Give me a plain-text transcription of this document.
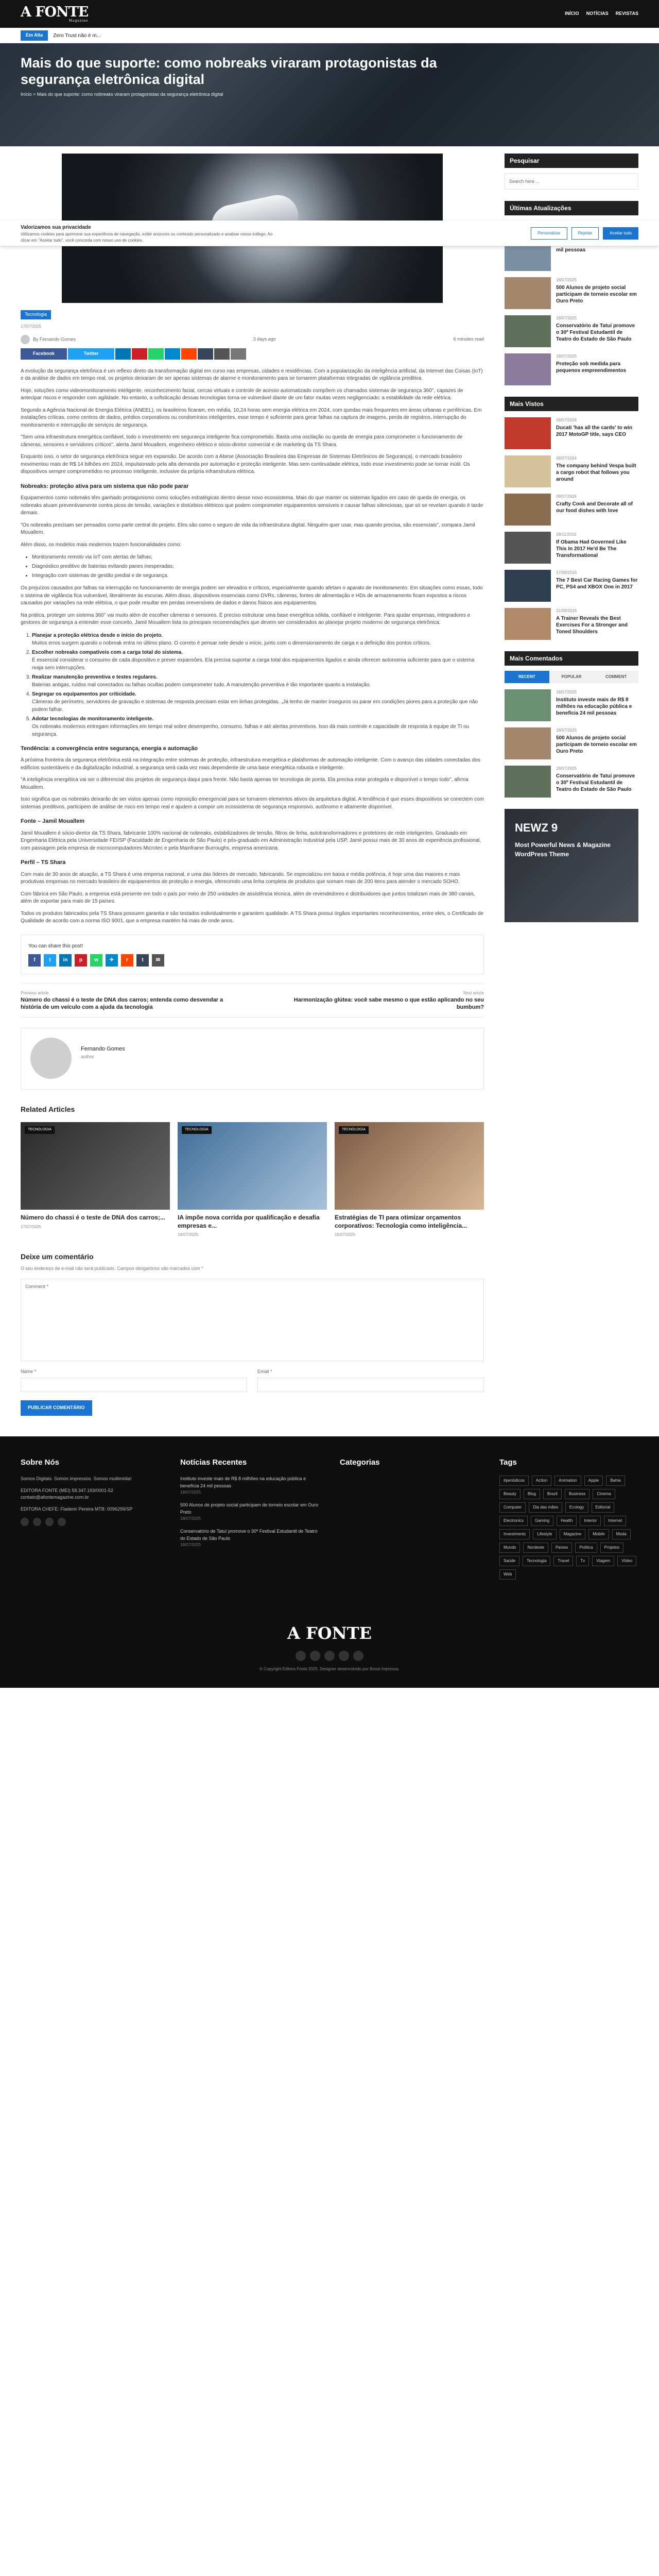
A FONTE
Magazine
INÍCIO NOTÍCIAS REVISTAS
Em Alta	Zero Trust não é m...
Mais do que suporte: como nobreaks viraram protagonistas da segurança eletrônica digital
Início > Mais do que suporte: como nobreaks viraram protagonistas da segurança eletrônica digital
Valorizamos sua privacidade
Utilizamos cookies para aprimorar sua experiência de navegação, exibir anúncios ou conteúdo personalizado e analisar nosso tráfego. Ao clicar em "Aceitar tudo", você concorda com nosso uso de cookies.
Personalizar	Rejeitar	Aceitar tudo
Tecnologia
17/07/2025
By Fernando Gomes	3 days ago	6 minutes read
Facebook	Twitter

A evolução da segurança eletrônica é um reflexo direto da transformação digital em curso nas empresas, cidades e residências. Com a popularização da inteligência artificial, da Internet das Coisas (IoT) e da análise de dados em tempo real, os projetos deixaram de ser apenas sistemas de alarme e monitoramento para se tornarem plataformas integradas de vigilância preditiva.

Hoje, soluções como videomonitoramento inteligente, reconhecimento facial, cercas virtuais e controle de acesso automatizado compõem os chamados sistemas de segurança 360°, capazes de antecipar riscos e responder com agilidade. No entanto, a sofisticação dessas tecnologias torna-se vulnerável diante de um fator muitas vezes negligenciado: a estabilidade da rede elétrica.

Segundo a Agência Nacional de Energia Elétrica (ANEEL), os brasileiros ficaram, em média, 10,24 horas sem energia elétrica em 2024, com quedas mais frequentes em áreas urbanas e periféricas. Em instalações críticas, como centros de dados, prédios corporativos ou condomínios inteligentes, esse tempo é suficiente para gerar falhas na captura de imagens, perda de registros, interrupção do monitoramento e interrupção de serviços de segurança.

"Sem uma infraestrutura energética confiável, todo o investimento em segurança inteligente fica comprometido. Basta uma oscilação ou queda de energia para comprometer o funcionamento de câmeras, sensores e servidores críticos", alerta Jamil Mouallem, engenheiro elétrico e sócio-diretor comercial e de marketing da TS Shara.

Enquanto isso, o setor de segurança eletrônica segue em expansão. De acordo com a Abese (Associação Brasileira das Empresas de Sistemas Eletrônicos de Segurança), o mercado brasileiro movimentou mais de R$ 14 bilhões em 2024, impulsionado pela alta demanda por automação e proteção inteligente. Mas sem continuidade elétrica, todo esse investimento pode se tornar inútil. Os dispositivos sempre comprometidos no processo inteligente, inclusive da própria infraestrutura elétrica.

Nobreaks: proteção ativa para um sistema que não pode parar

Equipamentos como nobreaks têm ganhado protagonismo como soluções estratégicas dentro desse novo ecossistema. Mais do que manter os sistemas ligados em caso de queda de energia, os nobreaks atuam preventivamente contra picos de tensão, variações e distúrbios elétricos que podem comprometer equipamentos sensíveis e causar falhas silenciosas, que só se revelam quando é tarde demais.

"Os nobreaks precisam ser pensados como parte central do projeto. Eles são como o seguro de vida da infraestrutura digital. Ninguém quer usar, mas quando precisa, são essenciais", compara Jamil Mouallem.

Além disso, os modelos mais modernos trazem funcionalidades como:

• Monitoramento remoto via IoT com alertas de falhas;
• Diagnóstico preditivo de baterias evitando panes inesperadas;
• Integração com sistemas de gestão predial e de segurança.

Os prejuízos causados por falhas na interrupção no funcionamento de energia podem ser elevados e críticos, especialmente quando afetam o aparato de monitoramento. Em situações como essas, todo o sistema de vigilância fica vulnerável, literalmente às escuras. Além disso, dispositivos essenciais como DVRs, câmeras, fontes de alimentação e HDs de armazenamento ficam expostos a riscos causados por variações na rede elétrica, o que pode resultar em perdas irreversíveis de dados e danos físicos aos equipamentos.

Na prática, proteger um sistema 360° vai muito além de escolher câmeras e sensores. É preciso estruturar uma base energética sólida, confiável e inteligente. Para ajudar empresas, integradores e gestores de segurança a entender esse conceito, Jamil Mouallem lista os principais recomendações que devem ser considerados ao planejar projeto moderno de segurança eletrônica:

1. Planejar a proteção elétrica desde o início do projeto.
Muitos erros surgem quando o nobreak entra no último plano. O correto é pensar nele desde o início, junto com o dimensionamento de carga e a definição dos pontos críticos.
2. Escolher nobreaks compatíveis com a carga total do sistema.
É essencial considerar o consumo de cada dispositivo e prever expansões. Ela precisa suportar a carga total dos equipamentos ligados e ainda oferecer autonomia suficiente para que o sistema reaja sem interrupções.
3. Realizar manutenção preventiva e testes regulares.
Baterias antigas, ruídos mal conectados ou falhas ocultas podem comprometer tudo. A manutenção preventiva é tão importante quanto a instalação.
4. Segregar os equipamentos por criticidade.
Câmeras de perímetro, servidores de gravação e sistemas de resposta precisam estar em linhas protegidas. „Já tenho de manter inseguros ou parar em condições piores para a proteção que não podem falhar.
5. Adotar tecnologias de monitoramento inteligente.
Os nobreaks modernos entregam informações em tempo real sobre desempenho, consumo, falhas e até alertas preventivos. Isso dá mais controle e capacidade de resposta à equipe de TI ou segurança.
Tendência: a convergência entre segurança, energia e automação

A próxima fronteira da segurança eletrônica está na integração entre sistemas de proteção, infraestrutura energética e plataformas de automação inteligente. Com o avanço das cidades conectadas dos edifícios sustentáveis e da digitalização industrial, a segurança será cada vez mais dependente de uma base energética robusta e inteligente.

"A inteligência energética vai ser o diferencial dos projetos de segurança daqui para frente. Não basta apenas ter tecnologia de ponta. Ela precisa estar protegida e disponível o tempo todo", afirma Mouallem.

Isso significa que os nobreaks deixarão de ser vistos apenas como reposição emergencial para se tornarem elementos ativos da arquitetura digital. A tendência é que esses dispositivos se conectem com sistemas preditivos, participem de análise de risco em tempo real e ajudem a compor um ecossistema de segurança responsivo, autônomo e altamente disponível.

Fonte – Jamil Mouallem

Jamil Mouallem é sócio-diretor da TS Shara, fabricante 100% nacional de nobreaks, estabilizadores de tensão, filtros de linha, autotransformadores e protetores de rede inteligentes. Graduado em Engenharia Elétrica pela Universidade FEI/SP (Faculdade de Engenharia de São Paulo) e pós-graduado em Administração Industrial pela USP, Jamil possui mais de 30 anos de experiência profissional, com passagem pela empresa de microcomputadores Microtec e pela Mainframe Burroughs, empresa americana.

Perfil – TS Shara

Com mais de 30 anos de atuação, a TS Shara é uma empresa nacional, e uma das líderes de mercado, fabricando. Se especializou em baixa e média potência, é hoje uma das maiores e mais produtivas empresas no mercado brasileiro de equipamentos de proteção e energia, oferecendo uma linha completa de produtos que somam mais de 200 itens para atender o mercado SOHO.

Com fábrica em São Paulo, a empresa está presente em todo o país por meio de 250 unidades de assistência técnica, além de revendedores e distribuidores que juntos totalizam mais de 380 canais, além de exportar para mais de 15 países.

Todos os produtos fabricados pela TS Shara possuem garantia e são testados individualmente e garantem qualidade. A TS Shara possui órgãos importantes reconhecimentos, entre eles, o Certificado de Qualidade de acordo com a norma ISO 9001, que a empresa mantém há mais de onde anos.

You can share this post!
f	t	in	p	w	✈	r	t	✉
Previous article
Número do chassi é o teste de DNA dos carros; entenda como desvendar a história de um veículo com a ajuda da tecnologia
Next article
Harmonização glútea: você sabe mesmo o que estão aplicando no seu bumbum?
Fernando Gomes
author
Related Articles
TECNOLOGIA
Número do chassi é o teste de DNA dos carros;...
17/07/2025
TECNOLOGIA
IA impõe nova corrida por qualificação e desafia empresas e...
16/07/2025
TECNOLOGIA
Estratégias de TI para otimizar orçamentos corporativos: Tecnologia como inteligência...
15/07/2025
Deixe um comentário
O seu endereço de e-mail não será publicado. Campos obrigatórios são marcados com *
Comment *
Name *	Email *
PUBLICAR COMENTÁRIO
Pesquisar
Search here ...
Últimas Atualizações
mil pessoas
18/07/2025
500 Alunos de projeto social participam de torneio escolar em Ouro Preto
18/07/2025
Conservatório de Tatuí promove o 30º Festival Estudantil de Teatro do Estado de São Paulo
18/07/2025
Proteção sob medida para pequenos empreendimentos
Mais Vistos
08/07/2024
Ducati 'has all the cards' to win 2017 MotoGP title, says CEO
08/07/2024
The company behind Vespa built a cargo robot that follows you around
08/07/2024
Crafty Cook and Decorate all of our food dishes with love
29/11/2016
If Obama Had Governed Like This In 2017 He'd Be The Transformational
17/09/2016
The 7 Best Car Racing Games for PC, PS4 and XBOX One in 2017
21/09/2016
A Trainer Reveals the Best Exercises For a Stronger and Toned Shoulders
Mais Comentados
RECENT	POPULAR	COMMENT
18/07/2025
Instituto investe mais de R$ 8 milhões na educação pública e benefícia 24 mil pessoas
18/07/2025
500 Alunos de projeto social participam de torneio escolar em Ouro Preto
18/07/2025
Conservatório de Tatuí promove o 30º Festival Estudantil de Teatro do Estado de São Paulo
NEWZ 9
Most Powerful News & Magazine WordPress Theme
Sobre Nós

Somos Digitais. Somos impressos. Somos multimídia!

EDITORA FONTE (MEI) 58.347.193/0001-52 contato@afontemagazine.com.br

EDITORA CHEFE: Fladenir Pereira MTB: 0096299/SP

Notícias Recentes
Instituto investe mais de R$ 8 milhões na educação pública e benefícia 24 mil pessoas
18/07/2025
500 Alunos de projeto social participam de torneio escolar em Ouro Preto
18/07/2025
Conservatório de Tatuí promove o 30º Festival Estudantil de Teatro do Estado de São Paulo
18/07/2025
Categorias	Tags
#periódicos	Action	Animation	Apple	Bahia
Beauty	Blog	Brazil	Business	Cinema
Computer	Dia das mães	Ecology	Editorial
Electronics	Gaming	Health	Interior	Internet
Investments	Lifestyle	Magazine	Mobile	Moda
Mundo	Nordeste	Países	Política	Projetos
Saúde	Tecnologia	Travel	Tv	Viagem	Vídeo
Web
A FONTE
© Copyright Editora Fonte 2025. Designer desenvolvido por Boost Impressa.
